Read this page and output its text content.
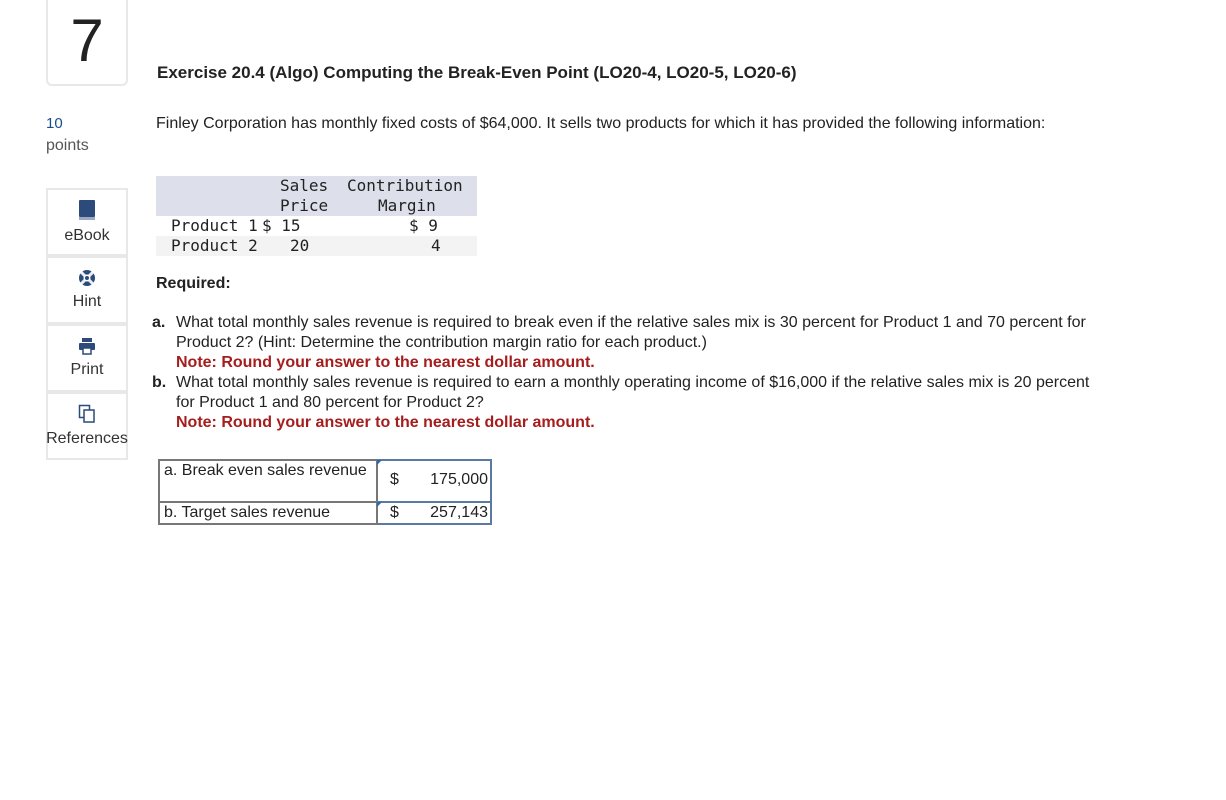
7
10
points
eBook
Hint
Print
References
Exercise 20.4 (Algo) Computing the Break-Even Point (LO20-4, LO20-5, LO20-6)
Finley Corporation has monthly fixed costs of $64,000. It sells two products for which it has provided the following information:
Sales
Price
Contribution
Margin
Product 1 $ 15	$ 9
Product 2 20	4
Required:
a. What total monthly sales revenue is required to break even if the relative sales mix is 30 percent for Product 1 and 70 percent for Product 2? (Hint: Determine the contribution margin ratio for each product.)
Note: Round your answer to the nearest dollar amount.
b. What total monthly sales revenue is required to earn a monthly operating income of $16,000 if the relative sales mix is 20 percent for Product 1 and 80 percent for Product 2?
Note: Round your answer to the nearest dollar amount.
a. Break even sales revenue	$ 175,000

b. Target sales revenue	$ 257,143
